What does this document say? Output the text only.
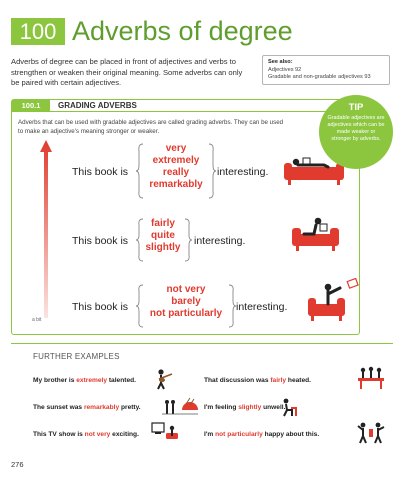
100 Adverbs of degree
Adverbs of degree can be placed in front of adjectives and verbs to strengthen or weaken their original meaning. Some adverbs can only be paired with certain adjectives.
See also:
Adjectives 92
Gradable and non-gradable adjectives 93
100.1	GRADING ADVERBS
Adverbs that can be used with gradable adjectives are called grading adverbs. They can be used to make an adjective's meaning stronger or weaker.
a bit
This book is
very
extremely
really
remarkably
interesting.
This book is
fairly
quite
slightly
interesting.
This book is
not very
barely
not particularly
interesting.
TIP
Gradable adjectives are adjectives which can be made weaker or stronger by adverbs.
FURTHER EXAMPLES
My brother is extremely talented.	That discussion was fairly heated.
The sunset was remarkably pretty.	I'm feeling slightly unwell.
This TV show is not very exciting.	I'm not particularly happy about this.
276
